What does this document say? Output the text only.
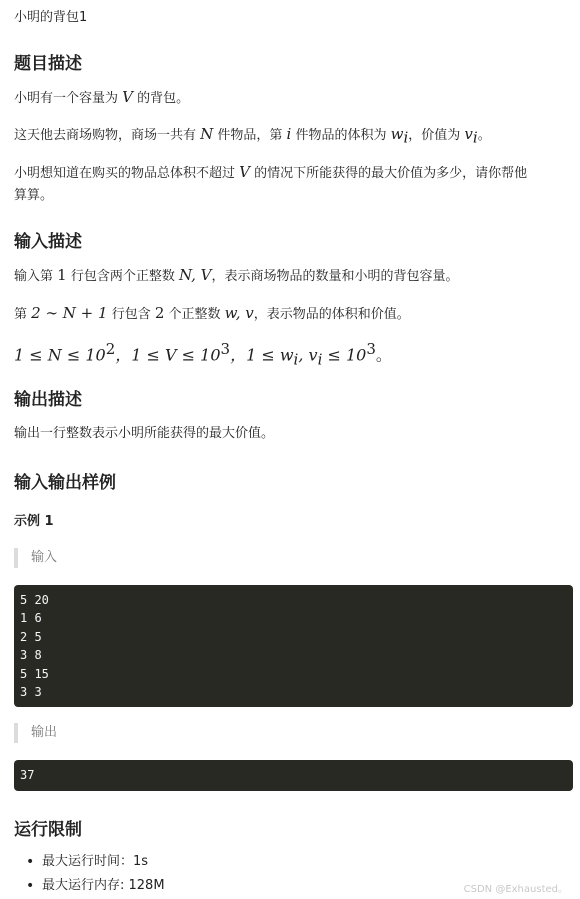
小明的背包1
题目描述

小明有一个容量为 V 的背包。

这天他去商场购物，商场一共有 N 件物品，第 i 件物品的体积为 $w_i$，价值为 $v_i$。

小明想知道在购买的物品总体积不超过 V 的情况下所能获得的最大价值为多少，请你帮他
算算。

输入描述

输入第 1 行包含两个正整数 N, V，表示商场物品的数量和小明的背包容量。

第 2 ∼ N + 1 行包含 2 个正整数 w, v，表示物品的体积和价值。

$1 \le N \le 10^2$，$1 \le V \le 10^3$，$1 \le w_i$, $v_i \le 10^3$。

输出描述

输出一行整数表示小明所能获得的最大价值。

输入输出样例

示例 1

输入
5 20
1 6
2 5
3 8
5 15
3 3
输出
37
运行限制
• 最大运行时间：1s
• 最大运行内存: 128M	CSDN @Exhausted。
